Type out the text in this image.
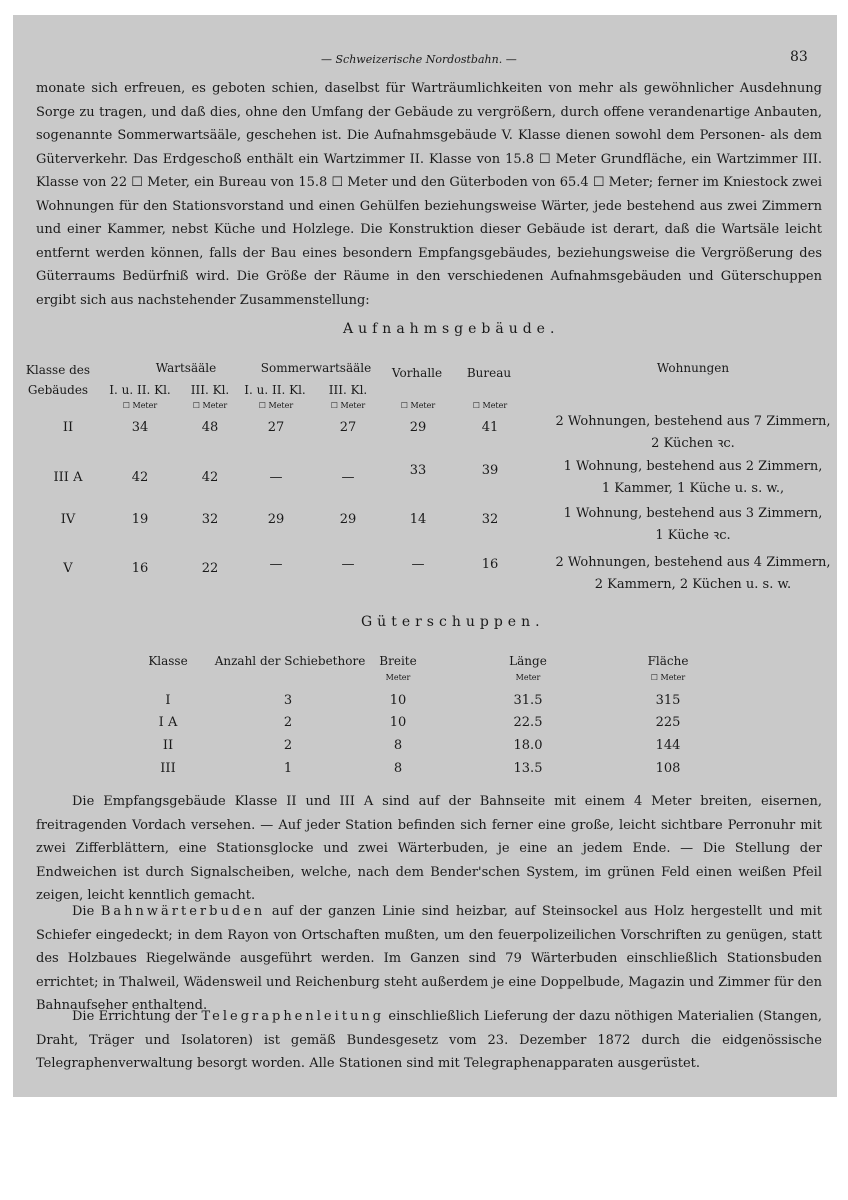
— Schweizerische Nordostbahn. —	83

monate sich erfreuen, es geboten schien, daselbst für Warträumlichkeiten von mehr als gewöhnlicher Ausdehnung Sorge zu tragen, und daß dies, ohne den Umfang der Gebäude zu vergrößern, durch offene verandenartige Anbauten, sogenannte Sommerwartsääle, geschehen ist. Die Aufnahmsgebäude V. Klasse dienen sowohl dem Personen- als dem Güterverkehr. Das Erdgeschoß enthält ein Wartzimmer II. Klasse von 15.8 ☐ Meter Grundfläche, ein Wartzimmer III. Klasse von 22 ☐ Meter, ein Bureau von 15.8 ☐ Meter und den Güterboden von 65.4 ☐ Meter; ferner im Kniestock zwei Wohnungen für den Stationsvorstand und einen Gehülfen beziehungsweise Wärter, jede bestehend aus zwei Zimmern und einer Kammer, nebst Küche und Holzlege. Die Konstruktion dieser Gebäude ist derart, daß die Wartsäle leicht entfernt werden können, falls der Bau eines besondern Empfangsgebäudes, beziehungsweise die Vergrößerung des Güterraums Bedürfniß wird. Die Größe der Räume in den verschiedenen Aufnahmsgebäuden und Güterschuppen ergibt sich aus nachstehender Zusammenstellung:

Aufnahmsgebäude.
Klasse des
Gebäudes
Wartsääle	Sommerwartsääle	Vorhalle	Bureau	Wohnungen
I. u. II. Kl.	III. Kl.	I. u. II. Kl.	III. Kl.
☐ Meter	☐ Meter	☐ Meter	☐ Meter	☐ Meter	☐ Meter
II	34	48	27	27	29	41	2 Wohnungen, bestehend aus 7 Zimmern,
2 Küchen ꝛc.
III A	42	42	—	—	33	39	1 Wohnung, bestehend aus 2 Zimmern,
1 Kammer, 1 Küche u. s. w.,
IV	19	32	29	29	14	32	1 Wohnung, bestehend aus 3 Zimmern,
1 Küche ꝛc.
V	16	22	—	—	—	16	2 Wohnungen, bestehend aus 4 Zimmern,
2 Kammern, 2 Küchen u. s. w.
Güterschuppen.
Klasse	Anzahl der Schiebethore	Breite	Länge	Fläche
Meter	Meter	☐ Meter
I	3	10	31.5	315
I A	2	10	22.5	225
II	2	8	18.0	144
III	1	8	13.5	108

Die Empfangsgebäude Klasse II und III A sind auf der Bahnseite mit einem 4 Meter breiten, eisernen, freitragenden Vordach versehen. — Auf jeder Station befinden sich ferner eine große, leicht sichtbare Perronuhr mit zwei Zifferblättern, eine Stationsglocke und zwei Wärterbuden, je eine an jedem Ende. — Die Stellung der Endweichen ist durch Signalscheiben, welche, nach dem Bender'schen System, im grünen Feld einen weißen Pfeil zeigen, leicht kenntlich gemacht.

Die Bahnwärterbuden auf der ganzen Linie sind heizbar, auf Steinsockel aus Holz hergestellt und mit Schiefer eingedeckt; in dem Rayon von Ortschaften mußten, um den feuerpolizeilichen Vorschriften zu genügen, statt des Holzbaues Riegelwände ausgeführt werden. Im Ganzen sind 79 Wärterbuden einschließlich Stationsbuden errichtet; in Thalweil, Wädensweil und Reichenburg steht außerdem je eine Doppelbude, Magazin und Zimmer für den Bahnaufseher enthaltend.

Die Errichtung der Telegraphenleitung einschließlich Lieferung der dazu nöthigen Materialien (Stangen, Draht, Träger und Isolatoren) ist gemäß Bundesgesetz vom 23. Dezember 1872 durch die eidgenössische Telegraphenverwaltung besorgt worden. Alle Stationen sind mit Telegraphenapparaten ausgerüstet.
